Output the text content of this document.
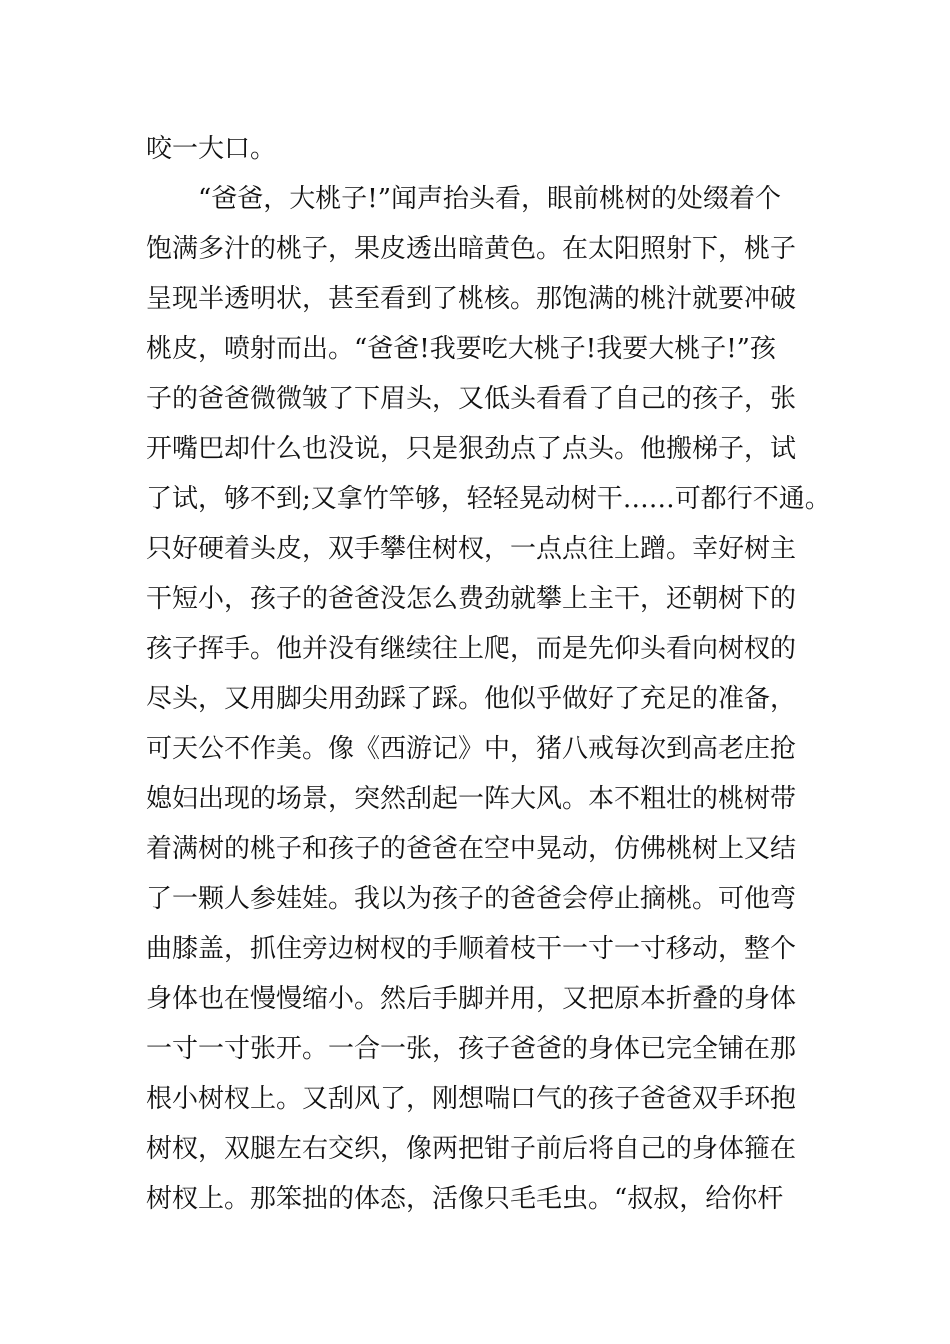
咬一大口。
“爸爸，大桃子!”闻声抬头看，眼前桃树的处缀着个
饱满多汁的桃子，果皮透出暗黄色。在太阳照射下，桃子
呈现半透明状，甚至看到了桃核。那饱满的桃汁就要冲破
桃皮，喷射而出。“爸爸!我要吃大桃子!我要大桃子!”孩
子的爸爸微微皱了下眉头，又低头看看了自己的孩子，张
开嘴巴却什么也没说，只是狠劲点了点头。他搬梯子，试
了试，够不到;又拿竹竿够，轻轻晃动树干……可都行不通。
只好硬着头皮，双手攀住树杈，一点点往上蹭。幸好树主
干短小，孩子的爸爸没怎么费劲就攀上主干，还朝树下的
孩子挥手。他并没有继续往上爬，而是先仰头看向树杈的
尽头，又用脚尖用劲踩了踩。他似乎做好了充足的准备，
可天公不作美。像《西游记》中，猪八戒每次到高老庄抢
媳妇出现的场景，突然刮起一阵大风。本不粗壮的桃树带
着满树的桃子和孩子的爸爸在空中晃动，仿佛桃树上又结
了一颗人参娃娃。我以为孩子的爸爸会停止摘桃。可他弯
曲膝盖，抓住旁边树杈的手顺着枝干一寸一寸移动，整个
身体也在慢慢缩小。然后手脚并用，又把原本折叠的身体
一寸一寸张开。一合一张，孩子爸爸的身体已完全铺在那
根小树杈上。又刮风了，刚想喘口气的孩子爸爸双手环抱
树杈，双腿左右交织，像两把钳子前后将自己的身体箍在
树杈上。那笨拙的体态，活像只毛毛虫。“叔叔，给你杆
